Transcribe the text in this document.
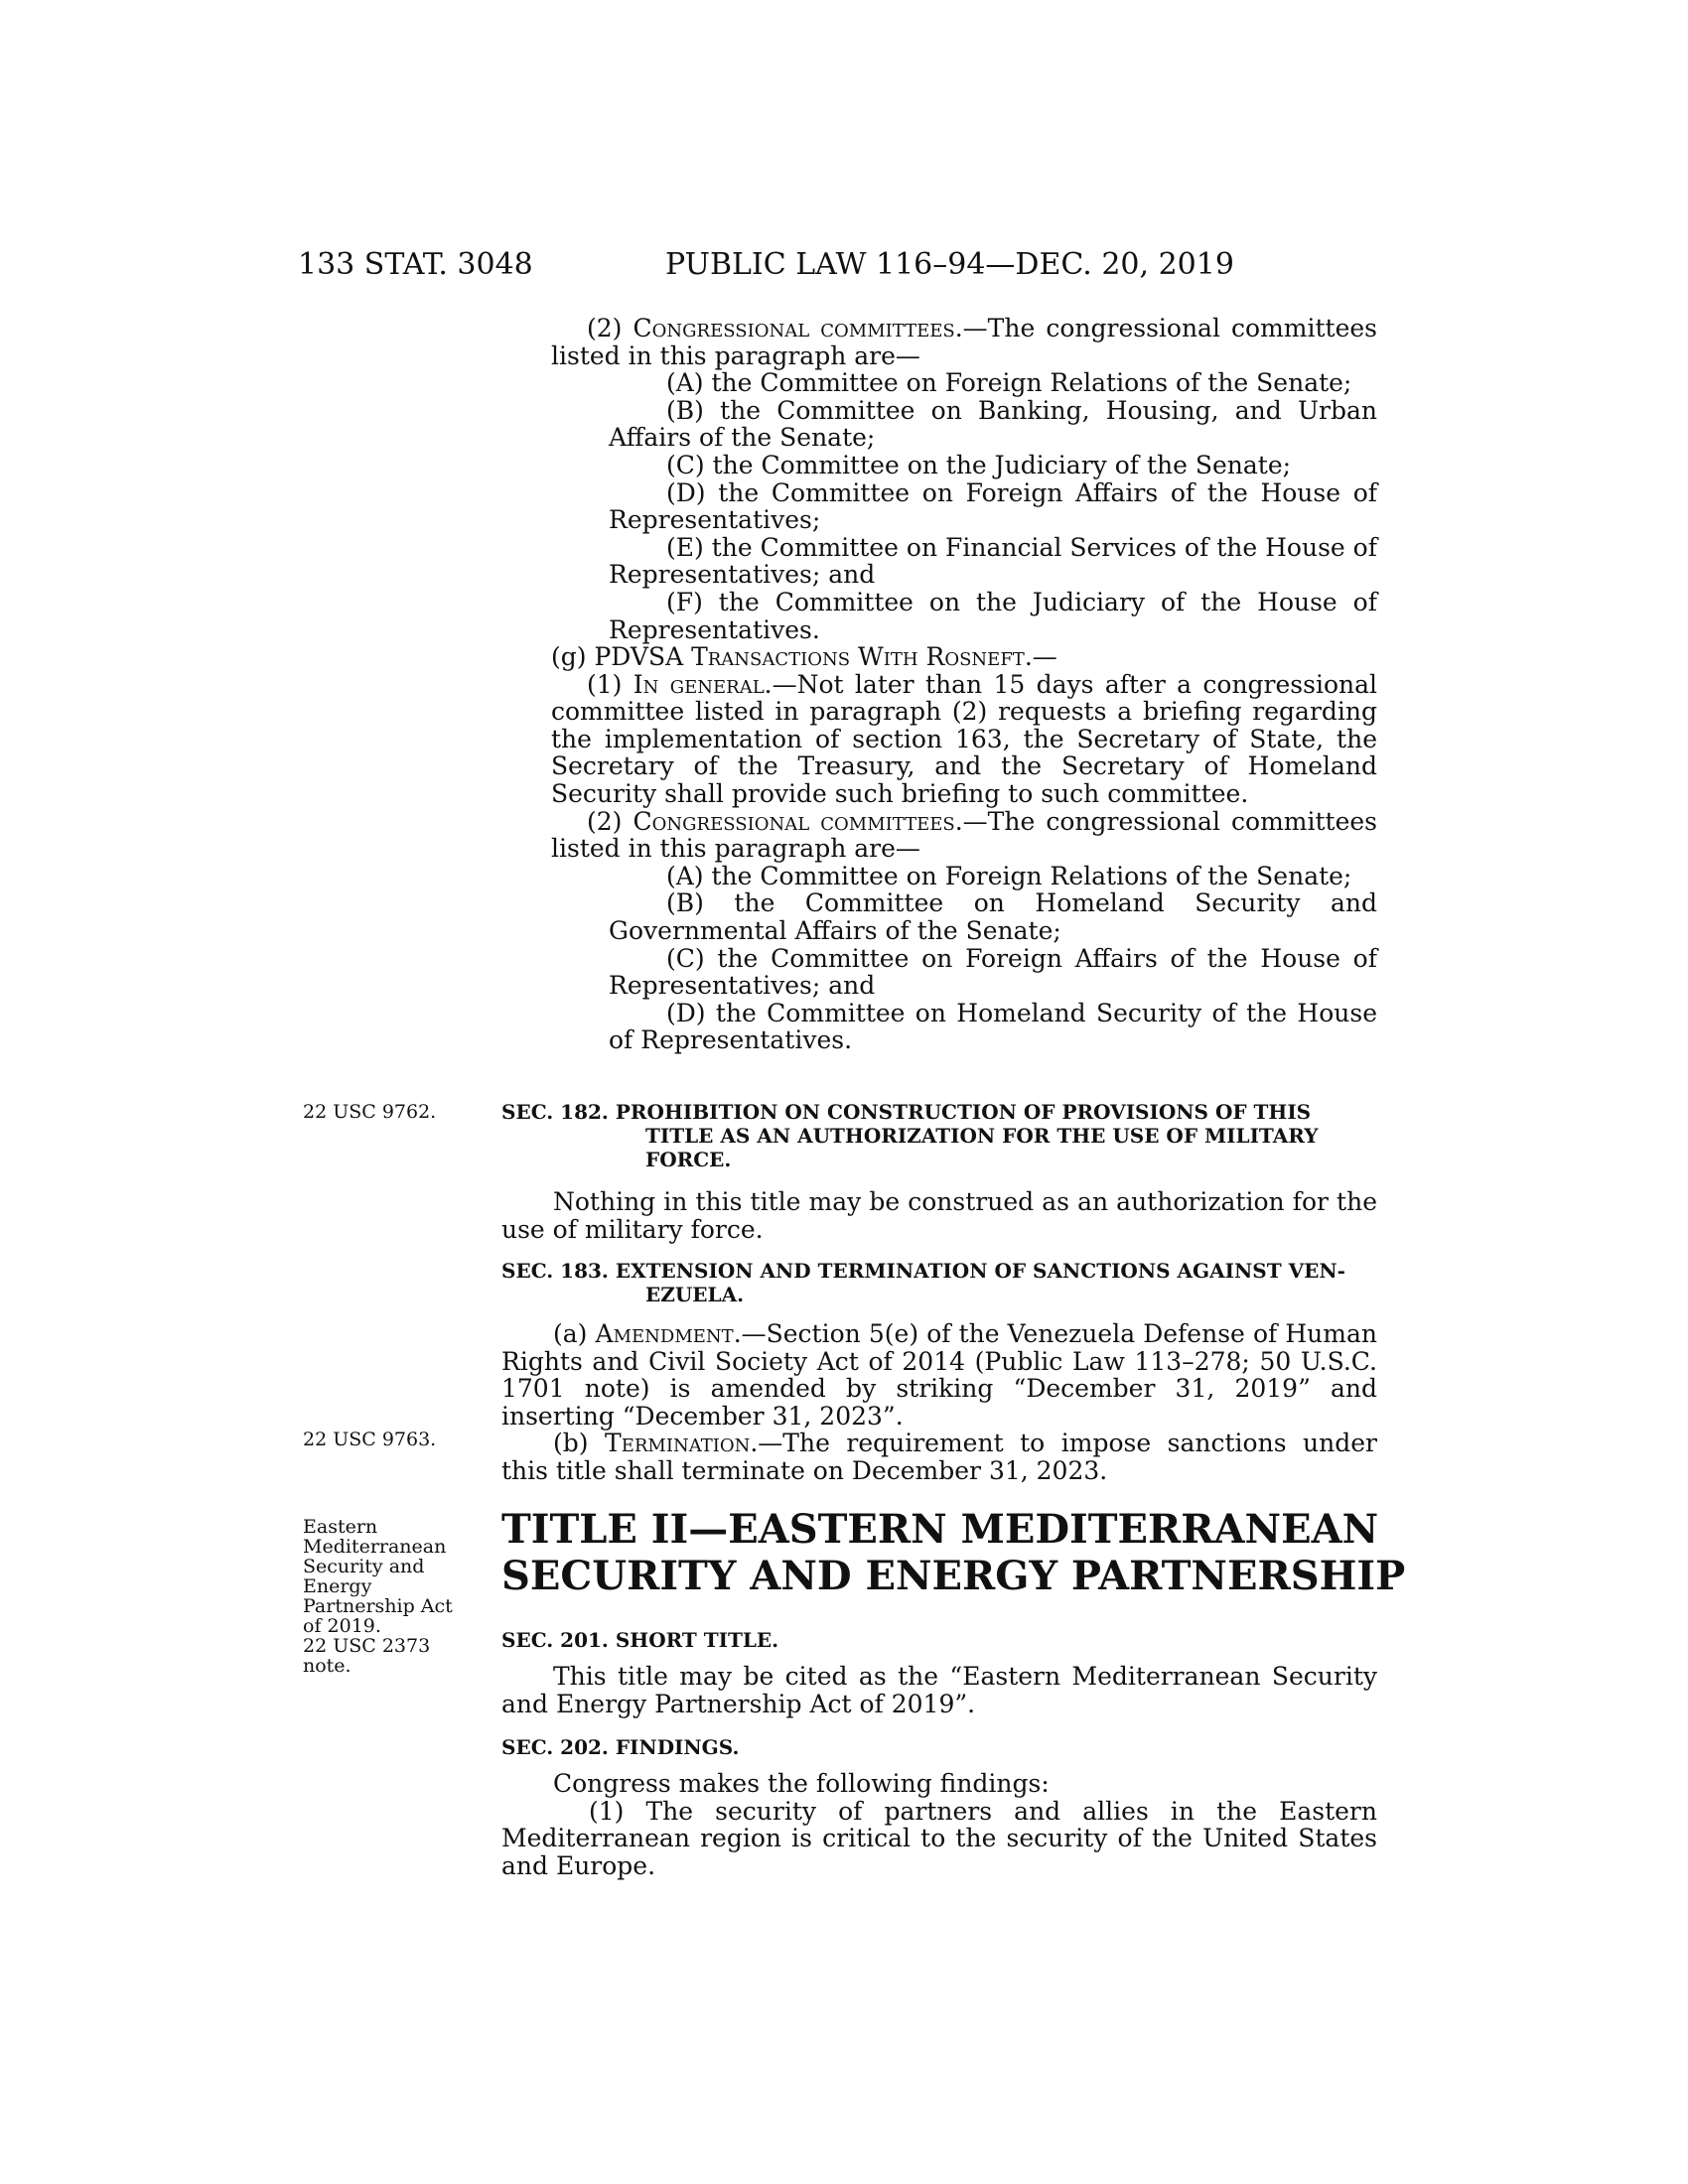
133 STAT. 3048	PUBLIC LAW 116–94—DEC. 20, 2019

(2) Congressional committees.—The congressional committees listed in this paragraph are—

(A) the Committee on Foreign Relations of the Senate;

(B) the Committee on Banking, Housing, and Urban Affairs of the Senate;

(C) the Committee on the Judiciary of the Senate;

(D) the Committee on Foreign Affairs of the House of Representatives;

(E) the Committee on Financial Services of the House of Representatives; and

(F) the Committee on the Judiciary of the House of Representatives.

(g) PDVSA Transactions With Rosneft.—

(1) In general.—Not later than 15 days after a congressional committee listed in paragraph (2) requests a briefing regarding the implementation of section 163, the Secretary of State, the Secretary of the Treasury, and the Secretary of Homeland Security shall provide such briefing to such committee.

(2) Congressional committees.—The congressional committees listed in this paragraph are—

(A) the Committee on Foreign Relations of the Senate;

(B) the Committee on Homeland Security and Governmental Affairs of the Senate;

(C) the Committee on Foreign Affairs of the House of Representatives; and

(D) the Committee on Homeland Security of the House of Representatives.

22 USC 9762.	SEC. 182. PROHIBITION ON CONSTRUCTION OF PROVISIONS OF THIS
TITLE AS AN AUTHORIZATION FOR THE USE OF MILITARY
FORCE.

Nothing in this title may be construed as an authorization for the use of military force.

SEC. 183. EXTENSION AND TERMINATION OF SANCTIONS AGAINST VEN-
EZUELA.

(a) Amendment.—Section 5(e) of the Venezuela Defense of Human Rights and Civil Society Act of 2014 (Public Law 113–278; 50 U.S.C. 1701 note) is amended by striking “December 31, 2019” and inserting “December 31, 2023”.

(b) Termination.—The requirement to impose sanctions under this title shall terminate on December 31, 2023.

22 USC 9763.
Eastern
Mediterranean
Security and
Energy
Partnership Act
of 2019.
22 USC 2373
note.
TITLE II—EASTERN MEDITERRANEAN
SECURITY AND ENERGY PARTNERSHIP
SEC. 201. SHORT TITLE.

This title may be cited as the “Eastern Mediterranean Security and Energy Partnership Act of 2019”.

SEC. 202. FINDINGS.

Congress makes the following findings:

(1) The security of partners and allies in the Eastern Mediterranean region is critical to the security of the United States and Europe.
